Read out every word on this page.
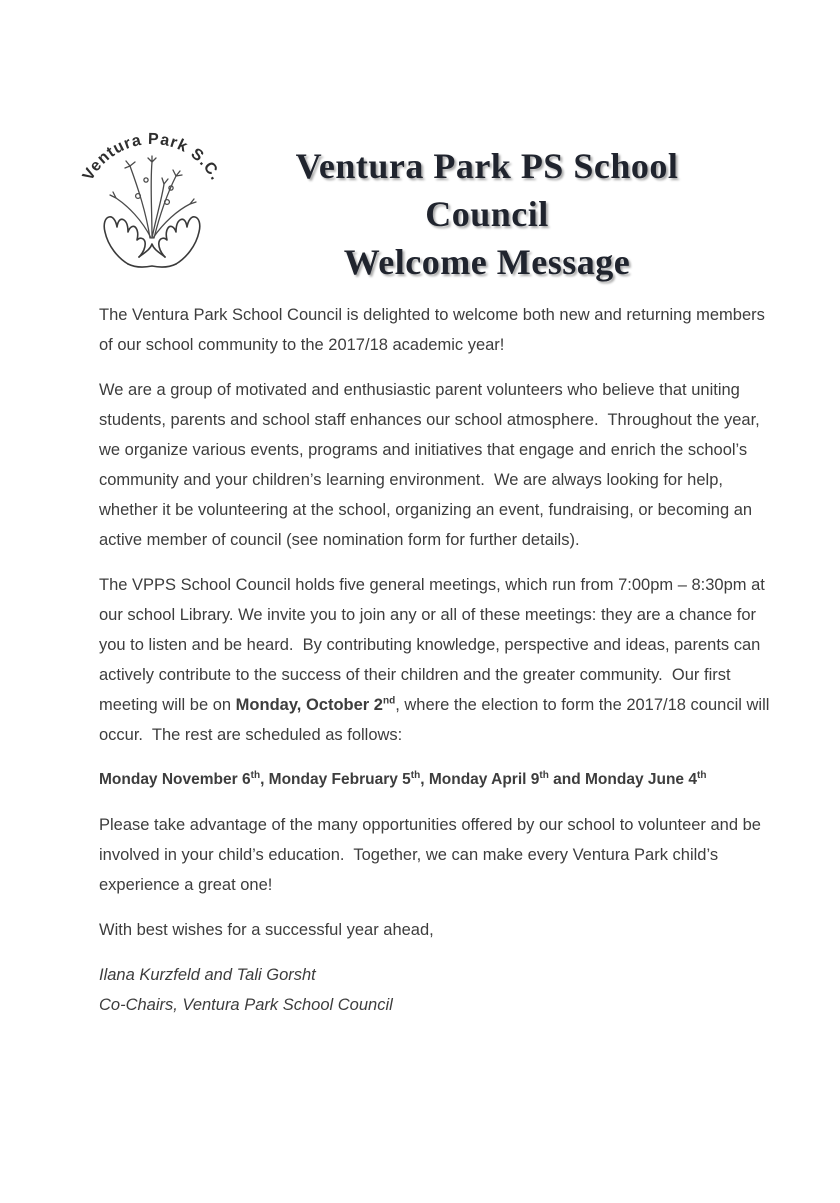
Ventura Park S.C.	Ventura Park PS School Council
Welcome Message

The Ventura Park School Council is delighted to welcome both new and returning members of our school community to the 2017/18 academic year!

We are a group of motivated and enthusiastic parent volunteers who believe that uniting students, parents and school staff enhances our school atmosphere.  Throughout the year, we organize various events, programs and initiatives that engage and enrich the school’s community and your children’s learning environment.  We are always looking for help, whether it be volunteering at the school, organizing an event, fundraising, or becoming an active member of council (see nomination form for further details).

The VPPS School Council holds five general meetings, which run from 7:00pm – 8:30pm at our school Library. We invite you to join any or all of these meetings: they are a chance for you to listen and be heard.  By contributing knowledge, perspective and ideas, parents can actively contribute to the success of their children and the greater community.  Our first meeting will be on Monday, October 2nd, where the election to form the 2017/18 council will occur.  The rest are scheduled as follows:

Monday November 6th, Monday February 5th, Monday April 9th and Monday June 4th

Please take advantage of the many opportunities offered by our school to volunteer and be involved in your child’s education.  Together, we can make every Ventura Park child’s experience a great one!

With best wishes for a successful year ahead,

Ilana Kurzfeld and Tali Gorsht
Co-Chairs, Ventura Park School Council
